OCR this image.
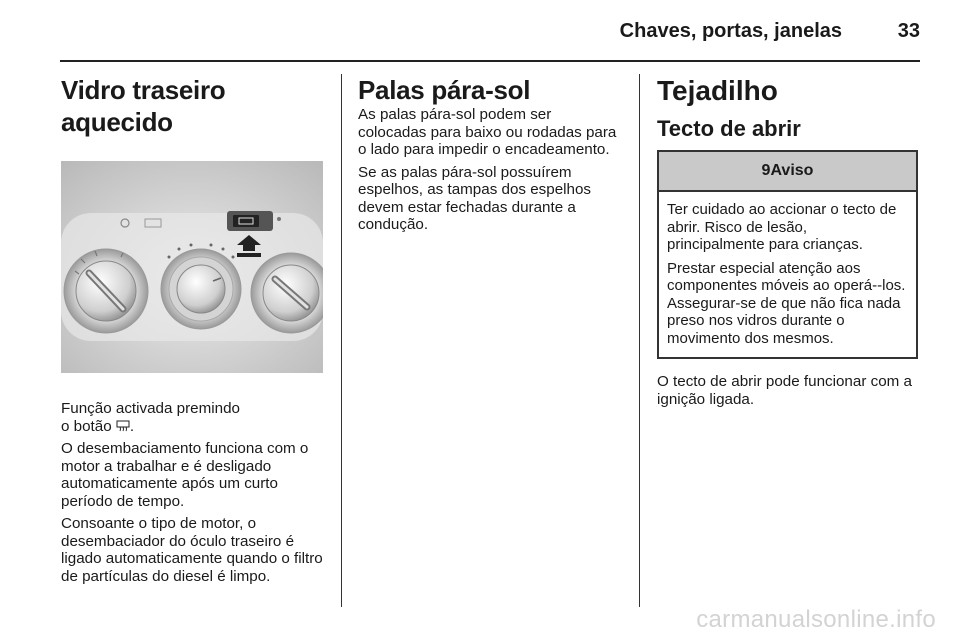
Chaves, portas, janelas	33
Vidro traseiro aquecido

Função activada premindo
o botão .

O desembaciamento funciona com o motor a trabalhar e é desligado automaticamente após um curto período de tempo.

Consoante o tipo de motor, o desembaciador do óculo traseiro é ligado automaticamente quando o filtro de partículas do diesel é limpo.

Palas pára-sol

As palas pára-sol podem ser colocadas para baixo ou rodadas para o lado para impedir o encadeamento.

Se as palas pára-sol possuírem espelhos, as tampas dos espelhos devem estar fechadas durante a condução.

Tejadilho
Tecto de abrir
9 Aviso

Ter cuidado ao accionar o tecto de abrir. Risco de lesão, principalmente para crianças.

Prestar especial atenção aos componentes móveis ao operá--los. Assegurar-se de que não fica nada preso nos vidros durante o movimento dos mesmos.

O tecto de abrir pode funcionar com a ignição ligada.

carmanualsonline.info
